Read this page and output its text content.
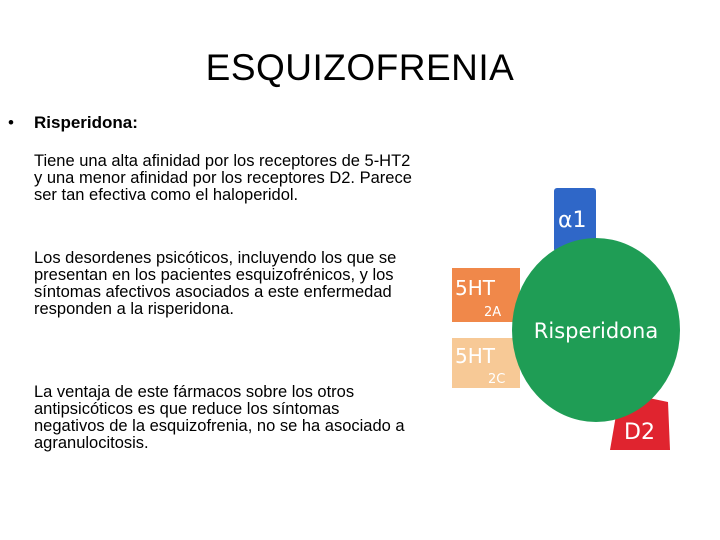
ESQUIZOFRENIA
• Risperidona:

Tiene una alta afinidad por los receptores de 5-HT2 y una menor afinidad por los receptores D2. Parece ser tan efectiva como el haloperidol.

Los desordenes psicóticos, incluyendo los que se presentan en los pacientes esquizofrénicos, y los síntomas afectivos asociados a este enfermedad responden a la risperidona.

La ventaja de este fármacos sobre los otros antipsicóticos es que reduce los síntomas negativos de la esquizofrenia, no se ha asociado a agranulocitosis.

α1
5HT
2A
5HT
2C
D2
Risperidona
